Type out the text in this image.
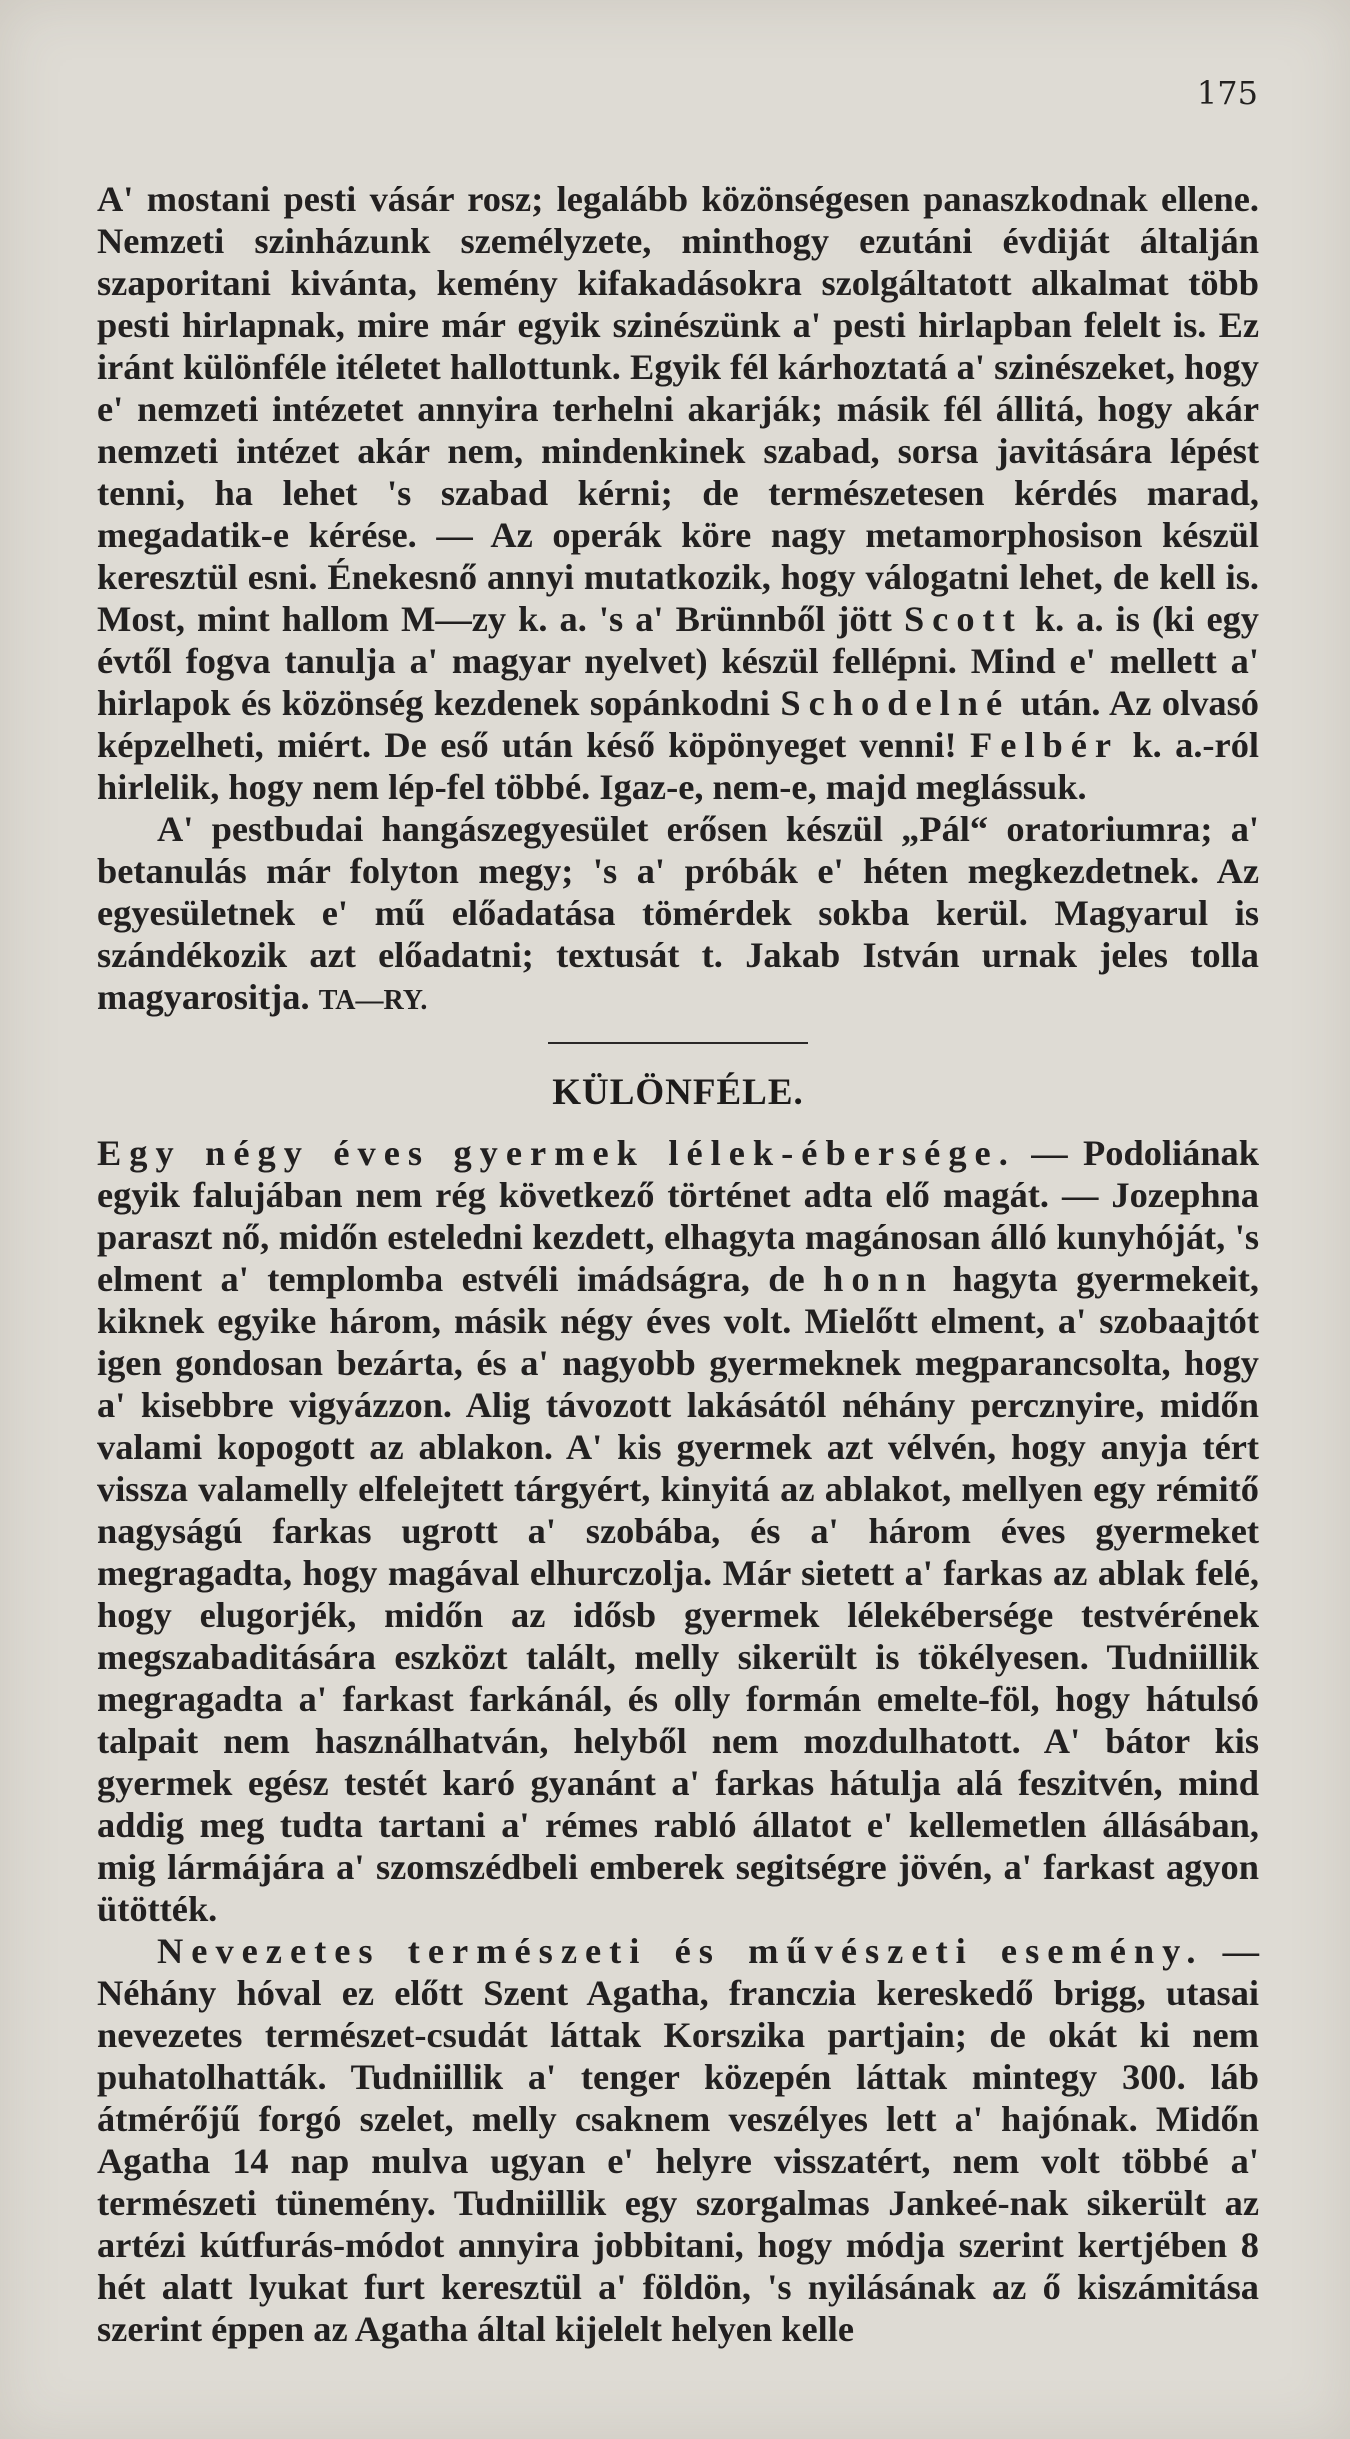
175

A' mostani pesti vásár rosz; legalább közönségesen panaszkodnak ellene. Nemzeti szinházunk személyzete, minthogy ezutáni évdiját általján szaporitani kivánta, kemény kifakadásokra szolgáltatott alkalmat több pesti hirlapnak, mire már egyik szinészünk a' pesti hirlapban felelt is. Ez iránt különféle itéletet hallottunk. Egyik fél kárhoztatá a' szinészeket, hogy e' nemzeti intézetet annyira terhelni akarják; másik fél állitá, hogy akár nemzeti intézet akár nem, mindenkinek szabad, sorsa javitására lépést tenni, ha lehet 's szabad kérni; de természetesen kérdés marad, megadatik-e kérése. — Az operák köre nagy metamorphosison készül keresztül esni. Énekesnő annyi mutatkozik, hogy válogatni lehet, de kell is. Most, mint hallom M—zy k. a. 's a' Brünnből jött Scott k. a. is (ki egy évtől fogva tanulja a' magyar nyelvet) készül fellépni. Mind e' mellett a' hirlapok és közönség kezdenek sopánkodni Schodelné után. Az olvasó képzelheti, miért. De eső után késő köpönyeget venni! Felbér k. a.-ról hirlelik, hogy nem lép-fel többé. Igaz-e, nem-e, majd meglássuk.

A' pestbudai hangászegyesület erősen készül „Pál“ oratoriumra; a' betanulás már folyton megy; 's a' próbák e' héten megkezdetnek. Az egyesületnek e' mű előadatása tömérdek sokba kerül. Magyarul is szándékozik azt előadatni; textusát t. Jakab István urnak jeles tolla magyarositja. TA—RY.

KÜLÖNFÉLE.

Egy négy éves gyermek lélek-ébersége. — Podoliának egyik falujában nem rég következő történet adta elő magát. — Jozephna paraszt nő, midőn esteledni kezdett, elhagyta magánosan álló kunyhóját, 's elment a' templomba estvéli imádságra, de honn hagyta gyermekeit, kiknek egyike három, másik négy éves volt. Mielőtt elment, a' szobaajtót igen gondosan bezárta, és a' nagyobb gyermeknek megparancsolta, hogy a' kisebbre vigyázzon. Alig távozott lakásától néhány percznyire, midőn valami kopogott az ablakon. A' kis gyermek azt vélvén, hogy anyja tért vissza valamelly elfelejtett tárgyért, kinyitá az ablakot, mellyen egy rémitő nagyságú farkas ugrott a' szobába, és a' három éves gyermeket megragadta, hogy magával elhurczolja. Már sietett a' farkas az ablak felé, hogy elugorjék, midőn az idősb gyermek lélekébersége testvérének megszabaditására eszközt talált, melly sikerült is tökélyesen. Tudniillik megragadta a' farkast farkánál, és olly formán emelte-föl, hogy hátulsó talpait nem használhatván, helyből nem mozdulhatott. A' bátor kis gyermek egész testét karó gyanánt a' farkas hátulja alá feszitvén, mind addig meg tudta tartani a' rémes rabló állatot e' kellemetlen állásában, mig lármájára a' szomszédbeli emberek segitségre jövén, a' farkast agyon ütötték.

Nevezetes természeti és művészeti esemény. — Néhány hóval ez előtt Szent Agatha, franczia kereskedő brigg, utasai nevezetes természet-csudát láttak Korszika partjain; de okát ki nem puhatolhatták. Tudniillik a' tenger közepén láttak mintegy 300. láb átmérőjű forgó szelet, melly csaknem veszélyes lett a' hajónak. Midőn Agatha 14 nap mulva ugyan e' helyre visszatért, nem volt többé a' természeti tünemény. Tudniillik egy szorgalmas Jankeé-nak sikerült az artézi kútfurás-módot annyira jobbitani, hogy módja szerint kertjében 8 hét alatt lyukat furt keresztül a' földön, 's nyilásának az ő kiszámitása szerint éppen az Agatha által kijelelt helyen kelle
